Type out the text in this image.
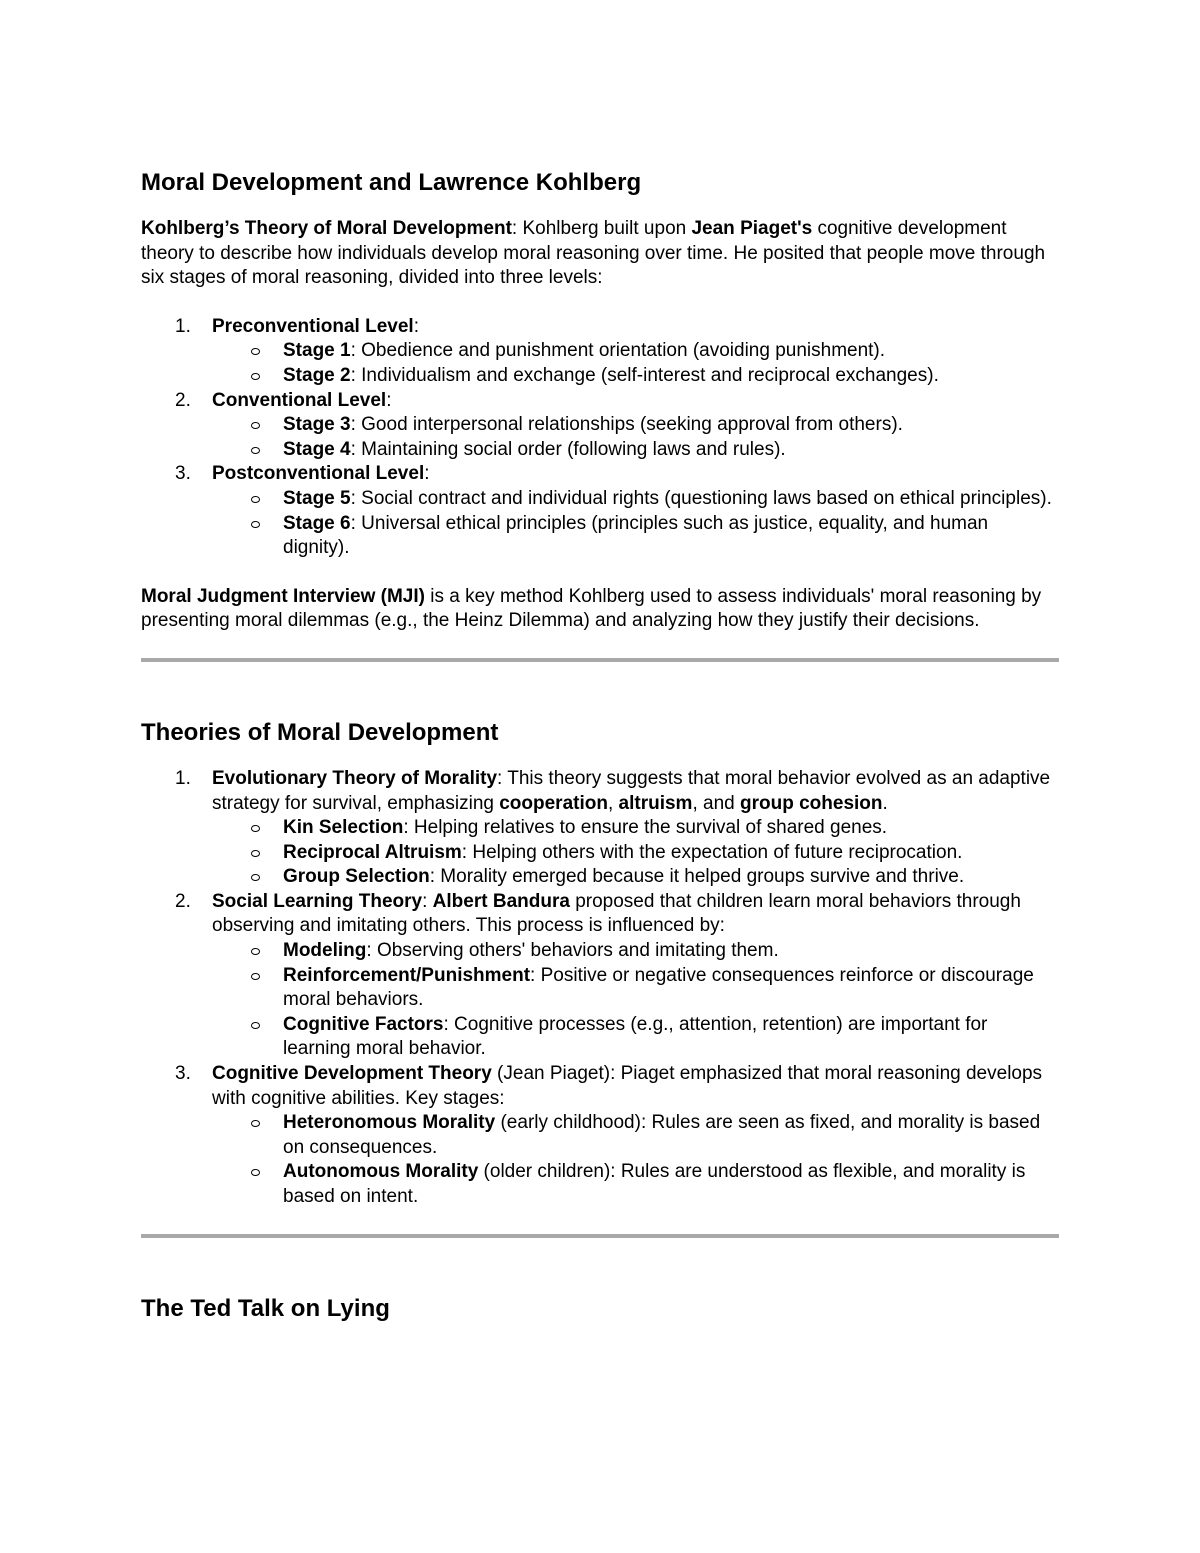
Moral Development and Lawrence Kohlberg

Kohlberg’s Theory of Moral Development: Kohlberg built upon Jean Piaget's cognitive development theory to describe how individuals develop moral reasoning over time. He posited that people move through six stages of moral reasoning, divided into three levels:

1. Preconventional Level:
Stage 1: Obedience and punishment orientation (avoiding punishment).
Stage 2: Individualism and exchange (self-interest and reciprocal exchanges).
2. Conventional Level:
Stage 3: Good interpersonal relationships (seeking approval from others).
Stage 4: Maintaining social order (following laws and rules).
3. Postconventional Level:
Stage 5: Social contract and individual rights (questioning laws based on ethical principles).
Stage 6: Universal ethical principles (principles such as justice, equality, and human dignity).

Moral Judgment Interview (MJI) is a key method Kohlberg used to assess individuals' moral reasoning by presenting moral dilemmas (e.g., the Heinz Dilemma) and analyzing how they justify their decisions.

Theories of Moral Development
1. Evolutionary Theory of Morality: This theory suggests that moral behavior evolved as an adaptive strategy for survival, emphasizing cooperation, altruism, and group cohesion.
Kin Selection: Helping relatives to ensure the survival of shared genes.
Reciprocal Altruism: Helping others with the expectation of future reciprocation.
Group Selection: Morality emerged because it helped groups survive and thrive.
2. Social Learning Theory: Albert Bandura proposed that children learn moral behaviors through observing and imitating others. This process is influenced by:
Modeling: Observing others' behaviors and imitating them.
Reinforcement/Punishment: Positive or negative consequences reinforce or discourage moral behaviors.
Cognitive Factors: Cognitive processes (e.g., attention, retention) are important for learning moral behavior.
3. Cognitive Development Theory (Jean Piaget): Piaget emphasized that moral reasoning develops with cognitive abilities. Key stages:
Heteronomous Morality (early childhood): Rules are seen as fixed, and morality is based on consequences.
Autonomous Morality (older children): Rules are understood as flexible, and morality is based on intent.
The Ted Talk on Lying
